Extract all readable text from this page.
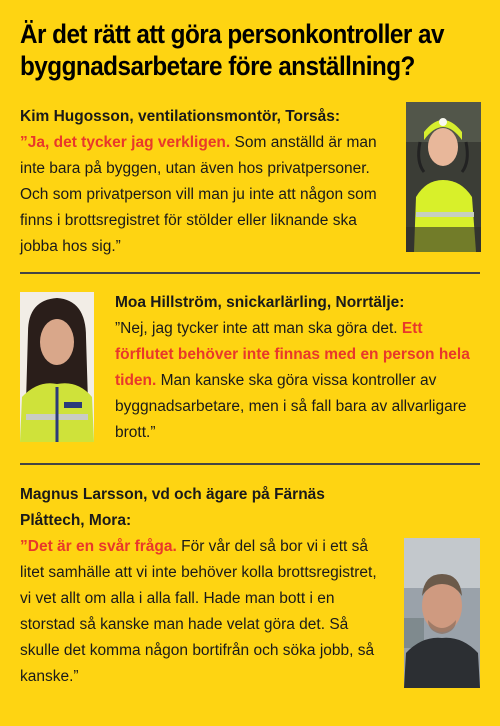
Är det rätt att göra personkontroller av byggnadsarbetare före anställning?
Kim Hugosson, ventilationsmontör, Torsås:
”Ja, det tycker jag verkligen. Som anställd är man inte bara på byggen, utan även hos privatpersoner. Och som privatperson vill man ju inte att någon som finns i brottsregistret för stölder eller liknande ska jobba hos sig.”
Moa Hillström, snickarlärling, Norrtälje:
”Nej, jag tycker inte att man ska göra det. Ett förflutet behöver inte finnas med en person hela tiden. Man kanske ska göra vissa kontroller av byggnadsarbetare, men i så fall bara av allvarligare brott.”
Magnus Larsson, vd och ägare på Färnäs Plåttech, Mora:
”Det är en svår fråga. För vår del så bor vi i ett så litet samhälle att vi inte behöver kolla brottsregistret, vi vet allt om alla i alla fall. Hade man bott i en storstad så kanske man hade velat göra det. Så skulle det komma någon bortifrån och söka jobb, så kanske.”
